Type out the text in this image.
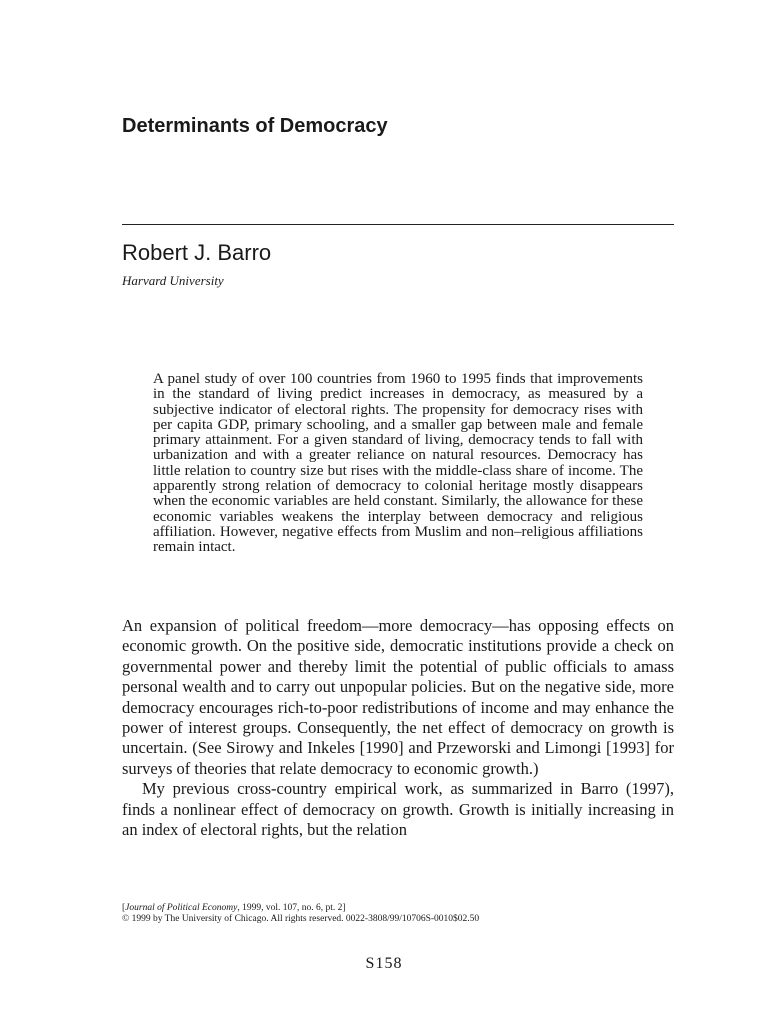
Determinants of Democracy
Robert J. Barro
Harvard University

A panel study of over 100 countries from 1960 to 1995 finds that improvements in the standard of living predict increases in democracy, as measured by a subjective indicator of electoral rights. The propensity for democracy rises with per capita GDP, primary schooling, and a smaller gap between male and female primary attainment. For a given standard of living, democracy tends to fall with urbanization and with a greater reliance on natural resources. Democracy has little relation to country size but rises with the middle-class share of income. The apparently strong relation of democracy to colonial heritage mostly disappears when the economic variables are held constant. Similarly, the allowance for these economic variables weakens the interplay between democracy and religious affiliation. However, negative effects from Muslim and non–religious affiliations remain intact.

An expansion of political freedom—more democracy—has opposing effects on economic growth. On the positive side, democratic institutions provide a check on governmental power and thereby limit the potential of public officials to amass personal wealth and to carry out unpopular policies. But on the negative side, more democracy encourages rich-to-poor redistributions of income and may enhance the power of interest groups. Consequently, the net effect of democracy on growth is uncertain. (See Sirowy and Inkeles [1990] and Przeworski and Limongi [1993] for surveys of theories that relate democracy to economic growth.)

My previous cross-country empirical work, as summarized in Barro (1997), finds a nonlinear effect of democracy on growth. Growth is initially increasing in an index of electoral rights, but the relation

[Journal of Political Economy, 1999, vol. 107, no. 6, pt. 2]
© 1999 by The University of Chicago. All rights reserved. 0022-3808/99/10706S-0010$02.50
S158
